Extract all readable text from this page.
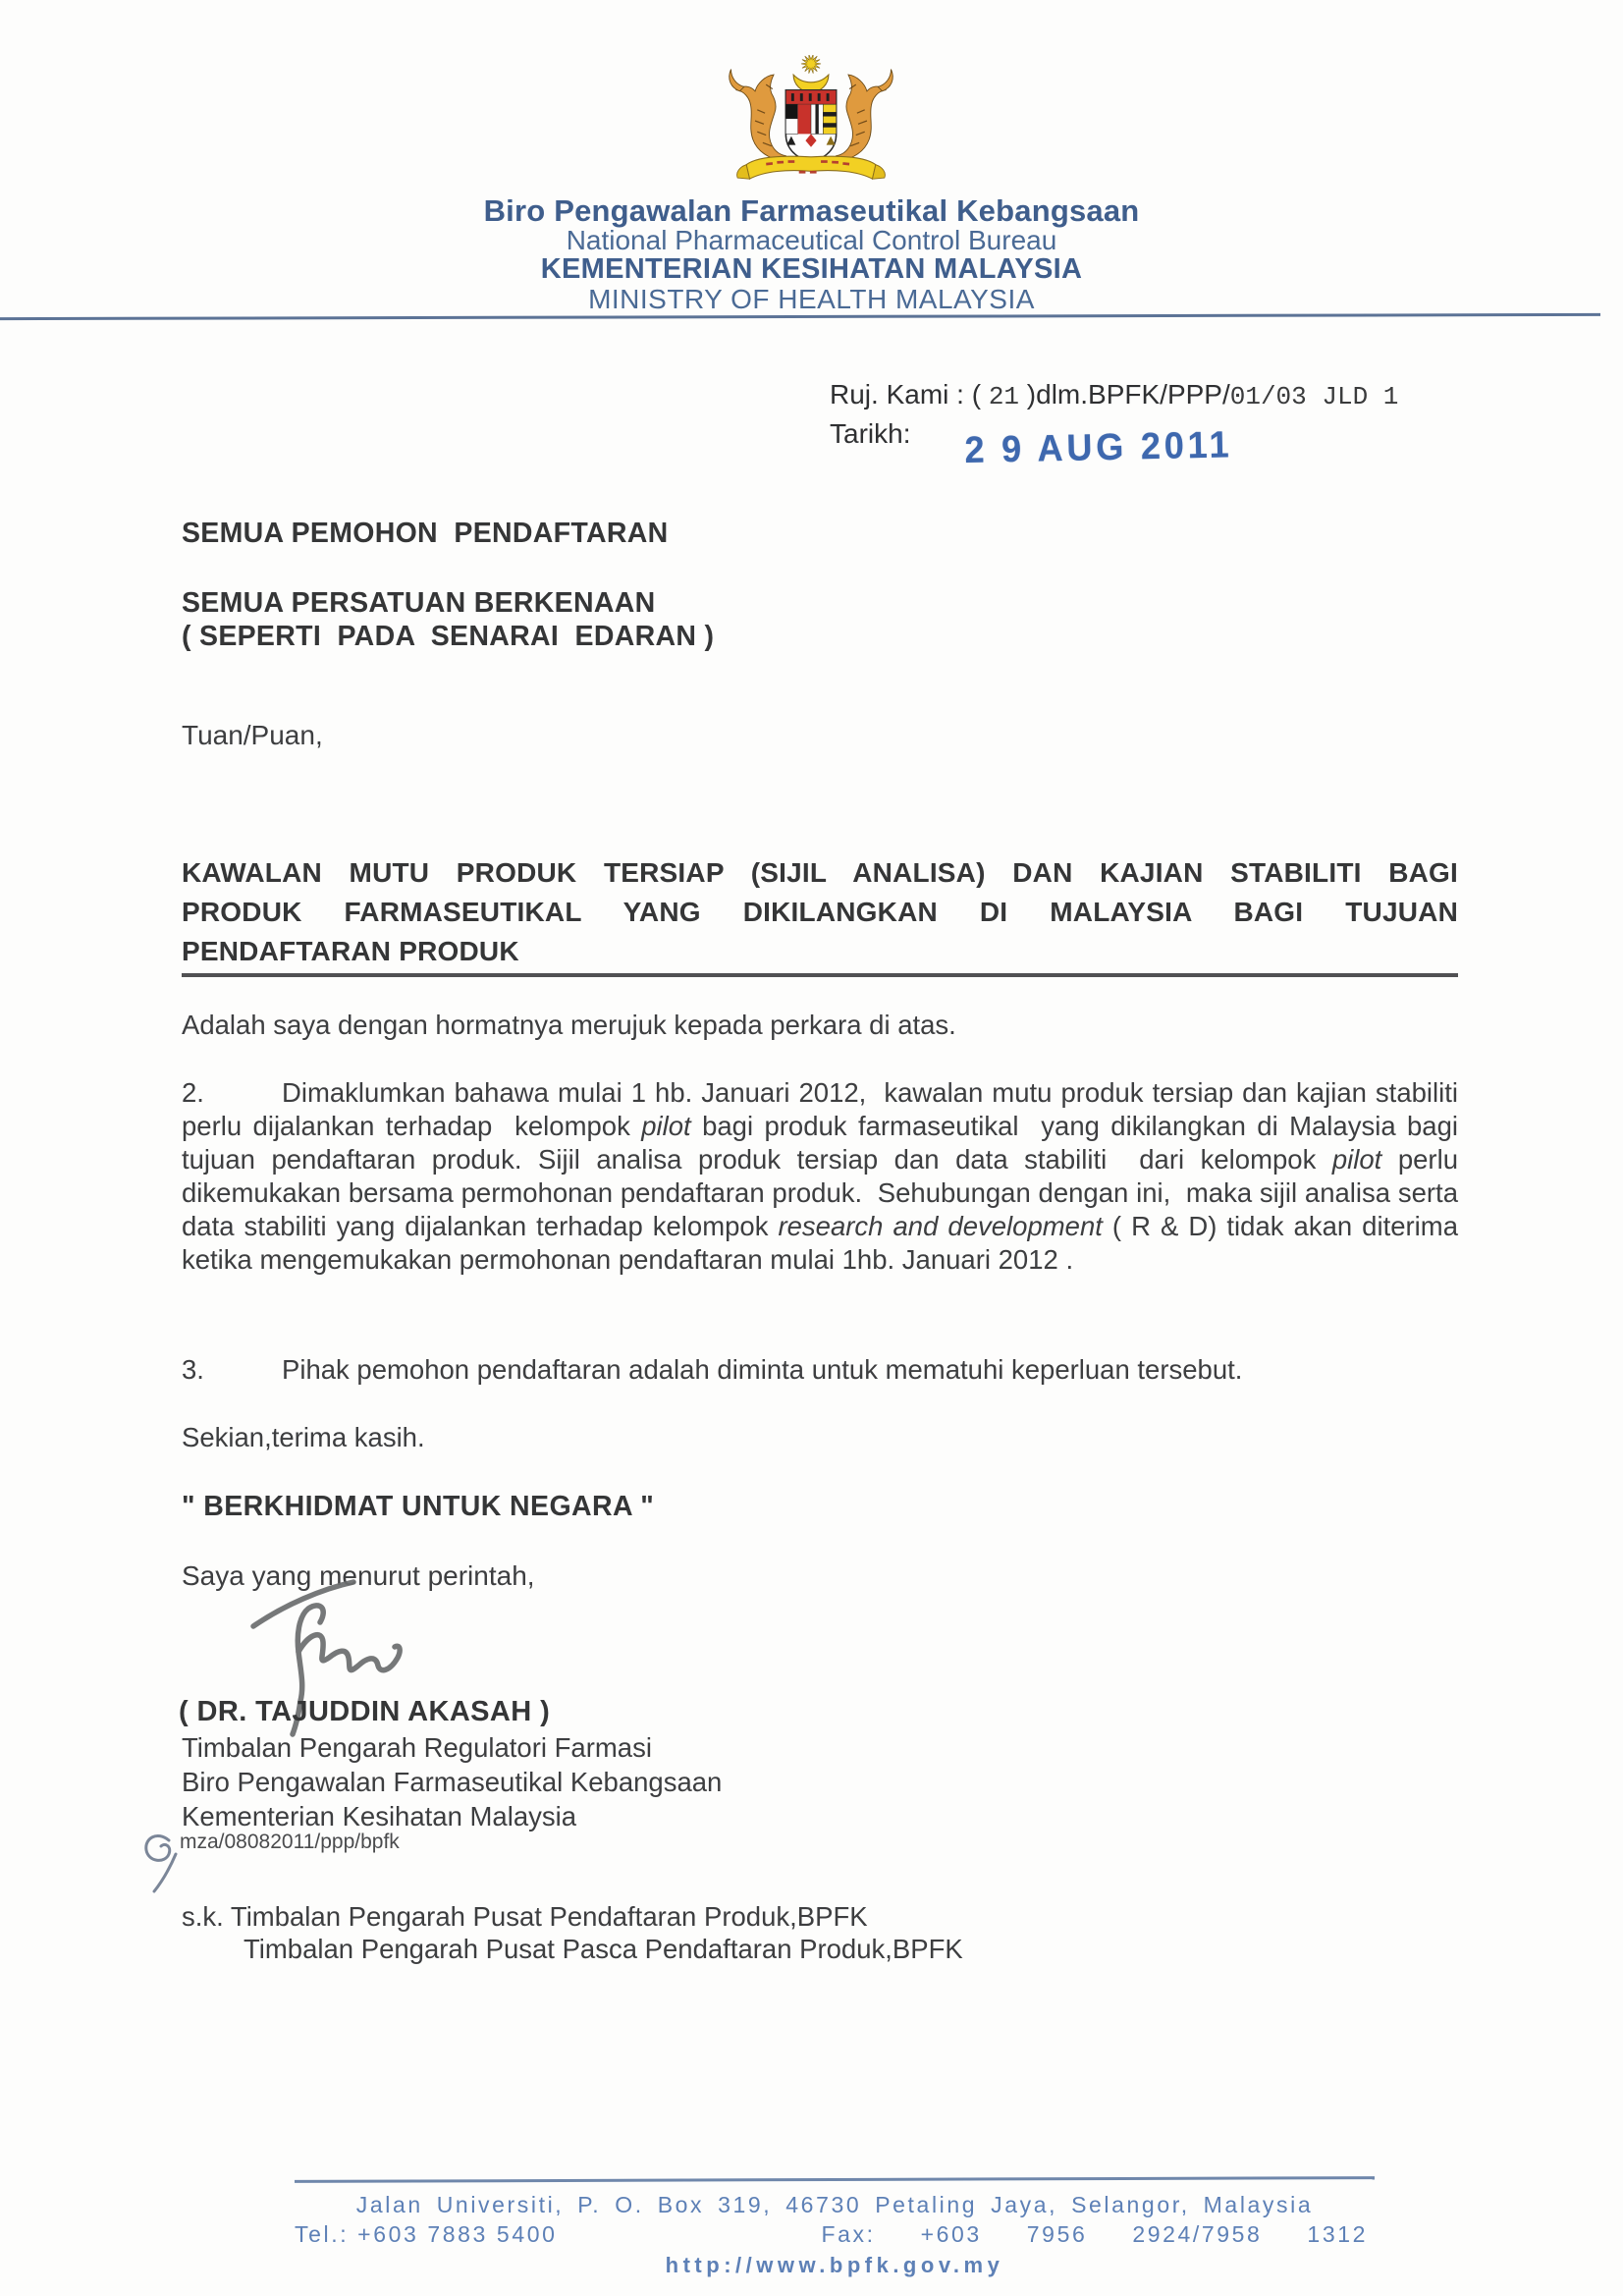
Biro Pengawalan Farmaseutikal Kebangsaan
National Pharmaceutical Control Bureau
KEMENTERIAN KESIHATAN MALAYSIA
MINISTRY OF HEALTH MALAYSIA
Ruj. Kami : ( 21 )dlm.BPFK/PPP/01/03 JLD 1
Tarikh: 2 9 AUG 2011
SEMUA PEMOHON  PENDAFTARAN
SEMUA PERSATUAN BERKENAAN
( SEPERTI  PADA  SENARAI  EDARAN )
Tuan/Puan,
KAWALAN MUTU PRODUK TERSIAP (SIJIL ANALISA) DAN KAJIAN STABILITI BAGI
PRODUK FARMASEUTIKAL YANG DIKILANGKAN DI MALAYSIA BAGI TUJUAN
PENDAFTARAN PRODUK
Adalah saya dengan hormatnya merujuk kepada perkara di atas.
2.	Dimaklumkan bahawa mulai 1 hb. Januari 2012,  kawalan mutu produk tersiap dan kajian stabiliti perlu dijalankan terhadap  kelompok pilot bagi produk farmaseutikal  yang dikilangkan di Malaysia bagi  tujuan pendaftaran produk. Sijil analisa produk tersiap dan data stabiliti  dari kelompok pilot perlu dikemukakan bersama permohonan pendaftaran produk.  Sehubungan dengan ini,  maka sijil analisa serta data stabiliti yang dijalankan terhadap kelompok research and development ( R & D) tidak akan diterima ketika mengemukakan permohonan pendaftaran mulai 1hb. Januari 2012 .
3.	Pihak pemohon pendaftaran adalah diminta untuk mematuhi keperluan tersebut.
Sekian,terima kasih.
" BERKHIDMAT UNTUK NEGARA "
Saya yang menurut perintah,
( DR. TAJUDDIN AKASAH )
Timbalan Pengarah Regulatori Farmasi
Biro Pengawalan Farmaseutikal Kebangsaan
Kementerian Kesihatan Malaysia
mza/08082011/ppp/bpfk
s.k. Timbalan Pengarah Pusat Pendaftaran Produk,BPFK
Timbalan Pengarah Pusat Pasca Pendaftaran Produk,BPFK
Jalan Universiti, P. O. Box 319, 46730 Petaling Jaya, Selangor, Malaysia
Tel.: +603 7883 5400	Fax:  +603  7956  2924/7958  1312
http://www.bpfk.gov.my
